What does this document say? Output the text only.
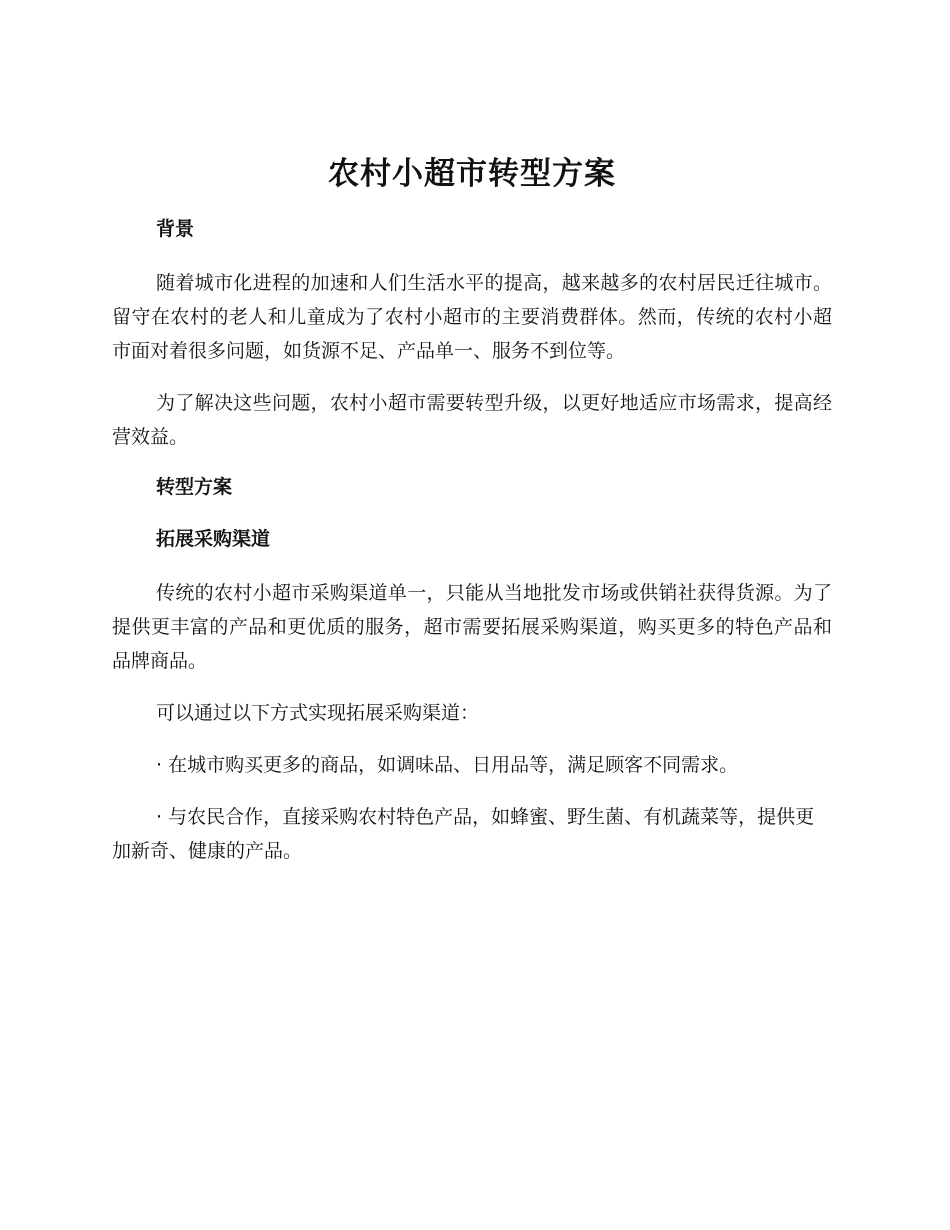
农村小超市转型方案
背景
随着城市化进程的加速和人们生活水平的提高，越来越多的农村居民迁往城市。留守在农村的老人和儿童成为了农村小超市的主要消费群体。然而，传统的农村小超市面对着很多问题，如货源不足、产品单一、服务不到位等。
为了解决这些问题，农村小超市需要转型升级，以更好地适应市场需求，提高经营效益。
转型方案
拓展采购渠道
传统的农村小超市采购渠道单一，只能从当地批发市场或供销社获得货源。为了提供更丰富的产品和更优质的服务，超市需要拓展采购渠道，购买更多的特色产品和品牌商品。
可以通过以下方式实现拓展采购渠道：
· 在城市购买更多的商品，如调味品、日用品等，满足顾客不同需求。
· 与农民合作，直接采购农村特色产品，如蜂蜜、野生菌、有机蔬菜等，提供更加新奇、健康的产品。
